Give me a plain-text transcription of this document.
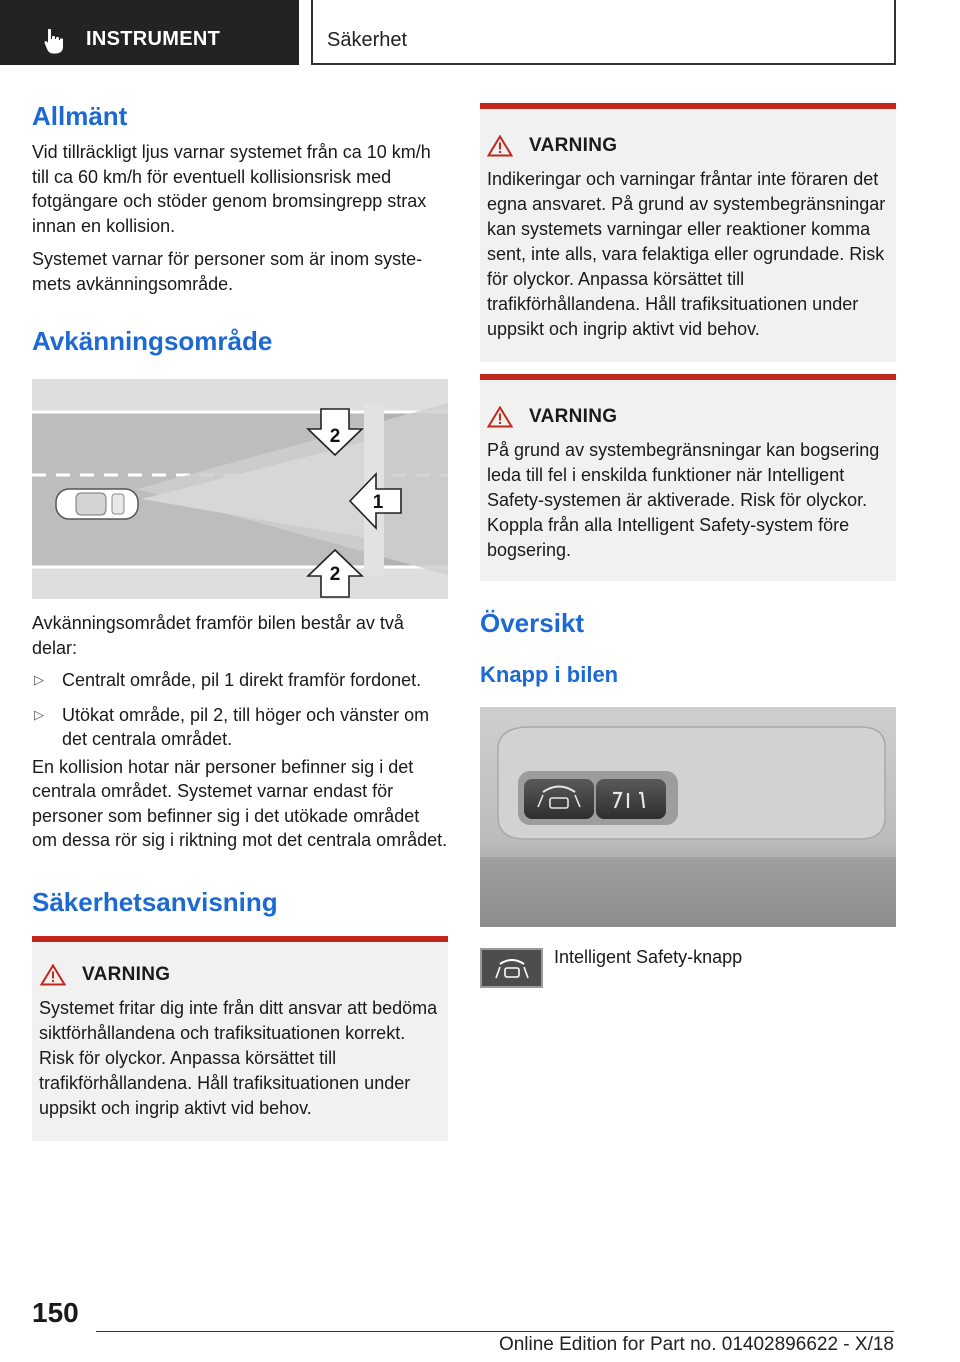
INSTRUMENT	Säkerhet
Allmänt

Vid tillräckligt ljus varnar systemet från ca 10 km/h till ca 60 km/h för eventuell kollisionsrisk med fotgängare och stöder genom bromsingrepp strax innan en kollision.

Systemet varnar för personer som är inom systemets avkänningsområde.

Avkänningsområde
2
2
1

Avkänningsområdet framför bilen består av två delar:

▷ Centralt område, pil 1 direkt framför fordonet.
▷ Utökat område, pil 2, till höger och vänster om det centrala området.

En kollision hotar när personer befinner sig i det centrala området. Systemet varnar endast för personer som befinner sig i det utökade området om dessa rör sig i riktning mot det centrala området.

Säkerhetsanvisning
VARNING

Systemet fritar dig inte från ditt ansvar att bedöma siktförhållandena och trafiksituationen korrekt. Risk för olyckor. Anpassa körsättet till trafikförhållandena. Håll trafiksituationen under uppsikt och ingrip aktivt vid behov.

VARNING

Indikeringar och varningar fråntar inte föraren det egna ansvaret. På grund av systembegränsningar kan systemets varningar eller reaktioner komma sent, inte alls, vara felaktiga eller ogrundade. Risk för olyckor. Anpassa körsättet till trafikförhållandena. Håll trafiksituationen under uppsikt och ingrip aktivt vid behov.

VARNING

På grund av systembegränsningar kan bogsering leda till fel i enskilda funktioner när Intelligent Safety-systemen är aktiverade. Risk för olyckor. Koppla från alla Intelligent Safety-system före bogsering.

Översikt
Knapp i bilen
Intelligent Safety-knapp
150
Online Edition for Part no. 01402896622 - X/18
